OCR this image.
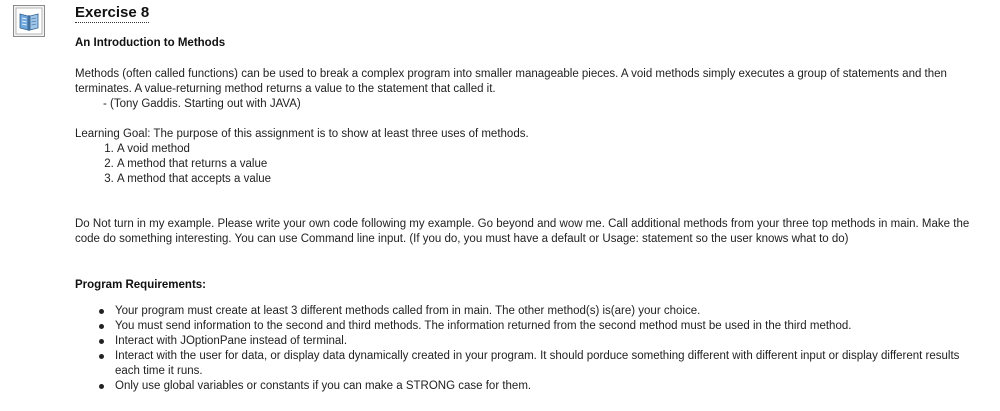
Exercise 8
An Introduction to Methods

Methods (often called functions) can be used to break a complex program into smaller manageable pieces. A void methods simply executes a group of statements and then terminates. A value-returning method returns a value to the statement that called it.

- (Tony Gaddis. Starting out with JAVA)

Learning Goal: The purpose of this assignment is to show at least three uses of methods.

1. A void method
2. A method that returns a value
3. A method that accepts a value

Do Not turn in my example. Please write your own code following my example. Go beyond and wow me. Call additional methods from your three top methods in main. Make the code do something interesting. You can use Command line input. (If you do, you must have a default or Usage: statement so the user knows what to do)

Program Requirements:
Your program must create at least 3 different methods called from in main. The other method(s) is(are) your choice.
You must send information to the second and third methods. The information returned from the second method must be used in the third method.
Interact with JOptionPane instead of terminal.
Interact with the user for data, or display data dynamically created in your program. It should porduce something different with different input or display different results each time it runs.
Only use global variables or constants if you can make a STRONG case for them.
